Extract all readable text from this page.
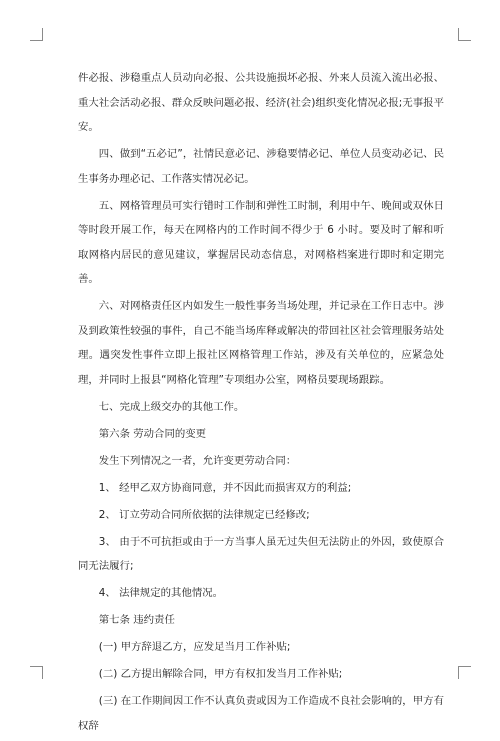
件必报、涉稳重点人员动向必报、公共设施损坏必报、外来人员流入流出必报、重大社会活动必报、群众反映问题必报、经济(社会)组织变化情况必报;无事报平安。

四、做到“五必记”，社情民意必记、涉稳要情必记、单位人员变动必记、民生事务办理必记、工作落实情况必记。

五、网格管理员可实行错时工作制和弹性工时制，利用中午、晚间或双休日等时段开展工作，每天在网格内的工作时间不得少于 6 小时。要及时了解和听取网格内居民的意见建议，掌握居民动态信息，对网格档案进行即时和定期完善。

六、对网格责任区内如发生一般性事务当场处理，并记录在工作日志中。涉及到政策性较强的事件，自己不能当场库释或解决的带回社区社会管理服务站处理。遇突发性事件立即上报社区网格管理工作站，涉及有关单位的，应紧急处理，并同时上报县“网格化管理”专项组办公室，网格员要现场跟踪。

七、完成上级交办的其他工作。

第六条 劳动合同的变更

发生下列情况之一者，允许变更劳动合同：

1、 经甲乙双方协商同意，并不因此而损害双方的利益;

2、 订立劳动合同所依据的法律规定已经修改;

3、 由于不可抗拒或由于一方当事人虽无过失但无法防止的外因，致使原合同无法履行;

4、 法律规定的其他情况。

第七条 违约责任

(一) 甲方辞退乙方，应发足当月工作补贴;

(二) 乙方提出解除合同，甲方有权扣发当月工作补贴;

(三) 在工作期间因工作不认真负责或因为工作造成不良社会影响的，甲方有权辞
